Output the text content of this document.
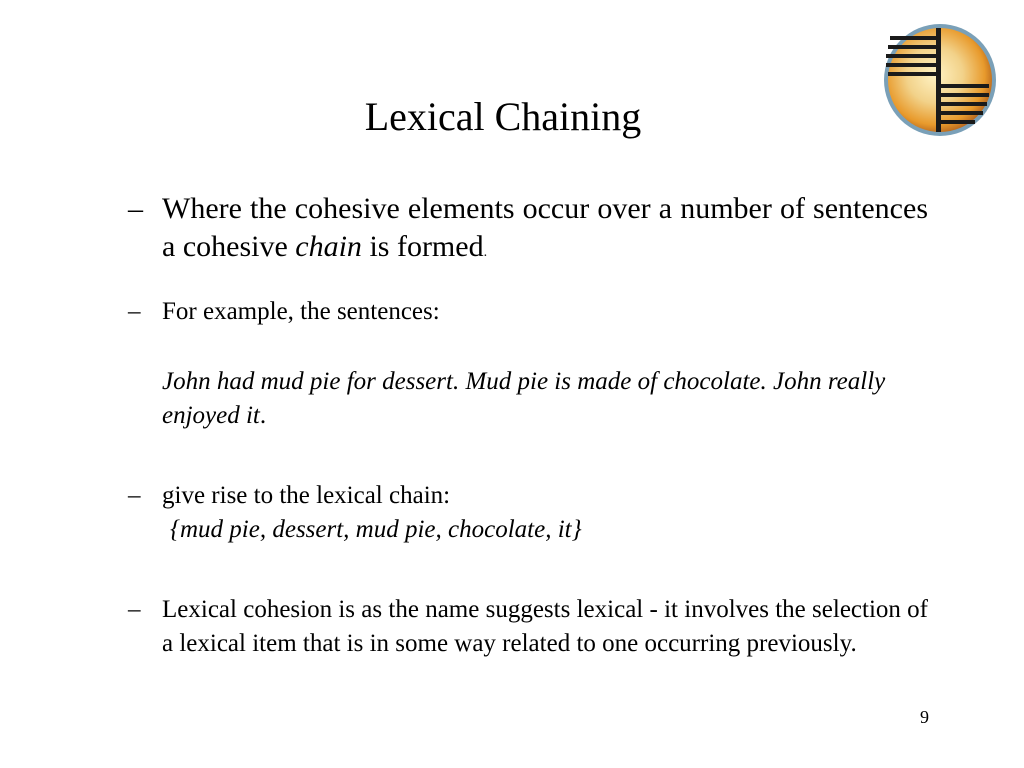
Lexical Chaining
– Where the cohesive elements occur over a number of sentences a cohesive chain is formed.
– For example, the sentences:
John had mud pie for dessert. Mud pie is made of chocolate. John really enjoyed it.
– give rise to the lexical chain:
{mud pie, dessert, mud pie, chocolate, it}
– Lexical cohesion is as the name suggests lexical - it involves the selection of a lexical item that is in some way related to one occurring previously.
9
